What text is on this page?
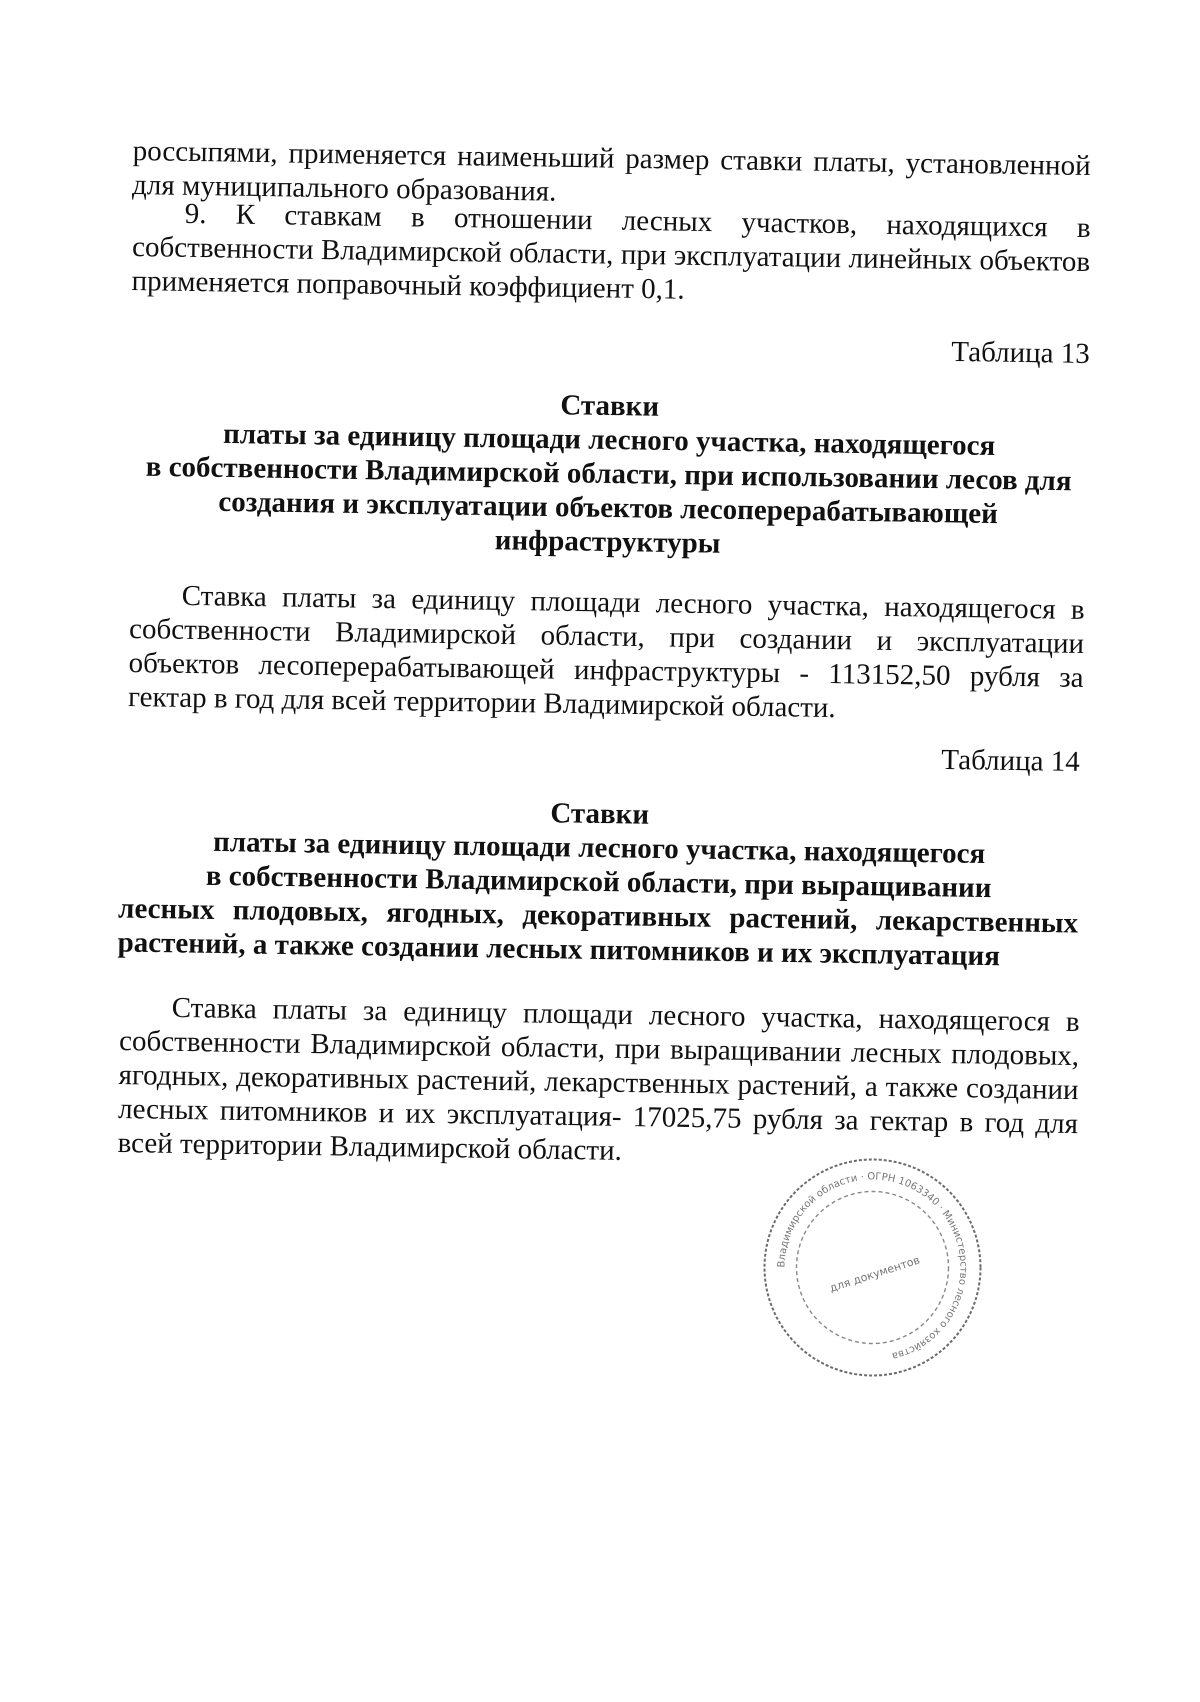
россыпями, применяется наименьший размер ставки платы, установленной для муниципального образования.
9. К ставкам в отношении лесных участков, находящихся в собственности Владимирской области, при эксплуатации линейных объектов применяется поправочный коэффициент 0,1.
Таблица 13
Ставки
платы за единицу площади лесного участка, находящегося
в собственности Владимирской области, при использовании лесов для
создания и эксплуатации объектов лесоперерабатывающей
инфраструктуры
Ставка платы за единицу площади лесного участка, находящегося в собственности Владимирской области, при создании и эксплуатации объектов лесоперерабатывающей инфраструктуры - 113152,50 рубля за гектар в год для всей территории Владимирской области.
Таблица 14
Ставки
платы за единицу площади лесного участка, находящегося
в собственности Владимирской области, при выращивании
лесных плодовых, ягодных, декоративных растений, лекарственных
растений, а также создании лесных питомников и их эксплуатация
Ставка платы за единицу площади лесного участка, находящегося в собственности Владимирской области, при выращивании лесных плодовых, ягодных, декоративных растений, лекарственных растений, а также создании лесных питомников и их эксплуатация- 17025,75 рубля за гектар в год для всей территории Владимирской области.
Владимирской области · ОГРН 1063340 · Министерство лесного хозяйства
для документов
